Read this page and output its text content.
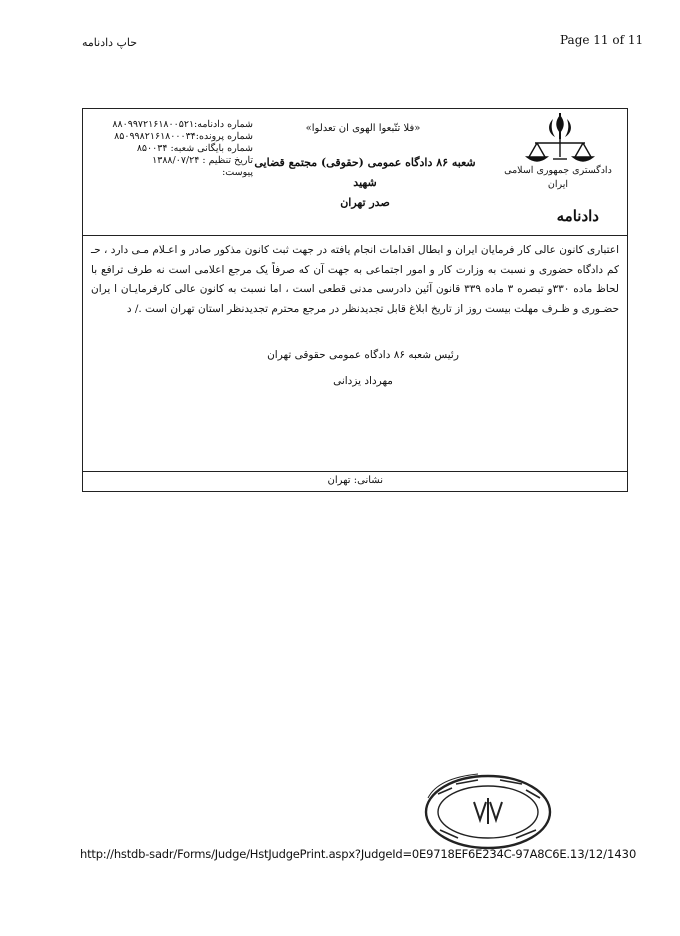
حاپ دادنامه	Page 11 of 11
دادگستری جمهوری اسلامی
ایران
دادنامه
«فلا تتّبعوا الهوی ان تعدلوا»
شعبه ۸۶ دادگاه عمومی (حقوقی) مجتمع قضایی شهید
صدر تهران
شماره دادنامه:۸۸۰۹۹۷۲۱۶۱۸۰۰۵۲۱
شماره پرونده:۸۵۰۹۹۸۲۱۶۱۸۰۰۰۳۴
شماره بایگانی شعبه: ۸۵۰۰۳۴
تاریخ تنظیم : ۱۳۸۸/۰۷/۲۴
پیوست:
اعتباری کانون عالی کار فرمایان ایران و ابطال اقدامات انجام یافته در جهت ثبت کانون مذکور صادر و اعـلام مـی دارد ، حـ کم دادگاه حضوری و نسبت به وزارت کار و امور اجتماعی به جهت آن که صرفاً یک مرجع اعلامی است نه طرف ترافع با لحاظ ماده ۳۳۰و تبصره ۳ ماده ۳۳۹ قانون آئین دادرسی مدنی قطعی است ، اما نسبت به کانون عالی کارفرمایـان ا یران حضـوری و ظـرف مهلت بیست روز از تاریخ ابلاغ قابل تجدیدنظر در مرجع محترم تجدیدنظر استان تهران است ./ د
رئیس شعبه ۸۶ دادگاه عمومی حقوقی تهران
مهرداد یزدانی
نشانی: تهران
http://hstdb-sadr/Forms/Judge/HstJudgePrint.aspx?JudgeId=0E9718EF6E234C-97A8C6E...
13/12/1430
